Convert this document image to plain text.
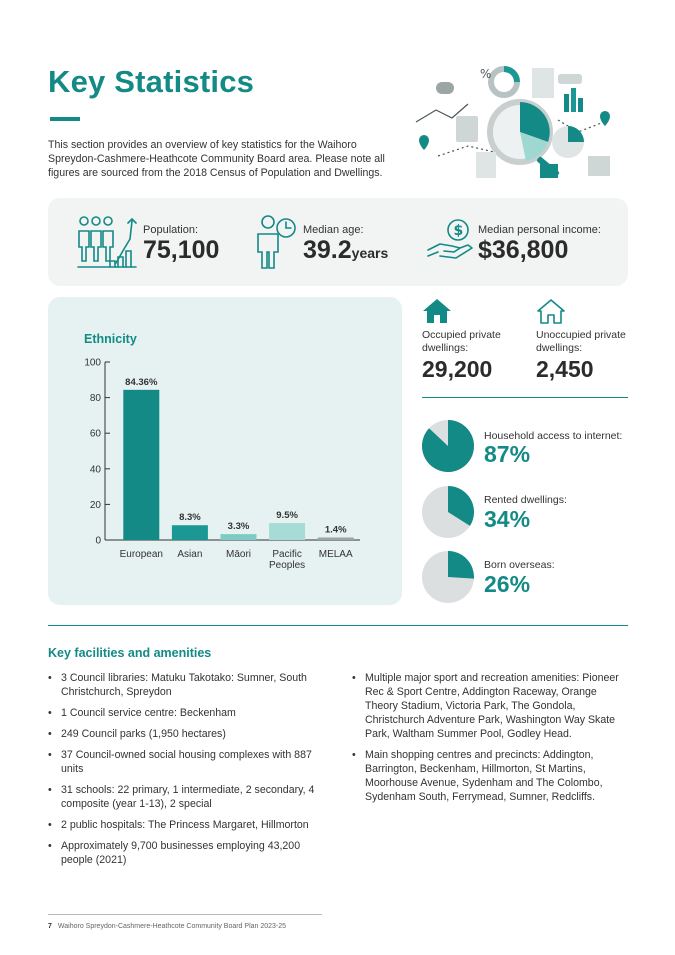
Key Statistics
This section provides an overview of key statistics for the Waihoro Spreydon-Cashmere-Heathcote Community Board area. Please note all figures are sourced from the 2018 Census of Population and Dwellings.
%
Population:
75,100
Median age:
39.2years
$ Median personal income:
$36,800
Ethnicity
0
20
40
60
80
100
84.36%
European
8.3%
Asian
3.3%
Māori
9.5%
Pacific
Peoples
1.4%
MELAA
Occupied private dwellings:
29,200
Unoccupied private dwellings:
2,450
Household access to internet:
87%
Rented dwellings:
34%
Born overseas:
26%
Key facilities and amenities
• 3 Council libraries: Matuku Takotako: Sumner, South Christchurch, Spreydon
• 1 Council service centre: Beckenham
• 249 Council parks (1,950 hectares)
• 37 Council-owned social housing complexes with 887 units
• 31 schools: 22 primary, 1 intermediate, 2 secondary, 4 composite (year 1-13), 2 special
• 2 public hospitals: The Princess Margaret, Hillmorton
• Approximately 9,700 businesses employing 43,200 people (2021)
• Multiple major sport and recreation amenities: Pioneer Rec & Sport Centre, Addington Raceway, Orange Theory Stadium, Victoria Park, The Gondola, Christchurch Adventure Park, Washington Way Skate Park, Waltham Summer Pool, Godley Head.
• Main shopping centres and precincts: Addington, Barrington, Beckenham, Hillmorton, St Martins, Moorhouse Avenue, Sydenham and The Colombo, Sydenham South, Ferrymead, Sumner, Redcliffs.
7 Waihoro Spreydon-Cashmere-Heathcote Community Board Plan 2023-25
